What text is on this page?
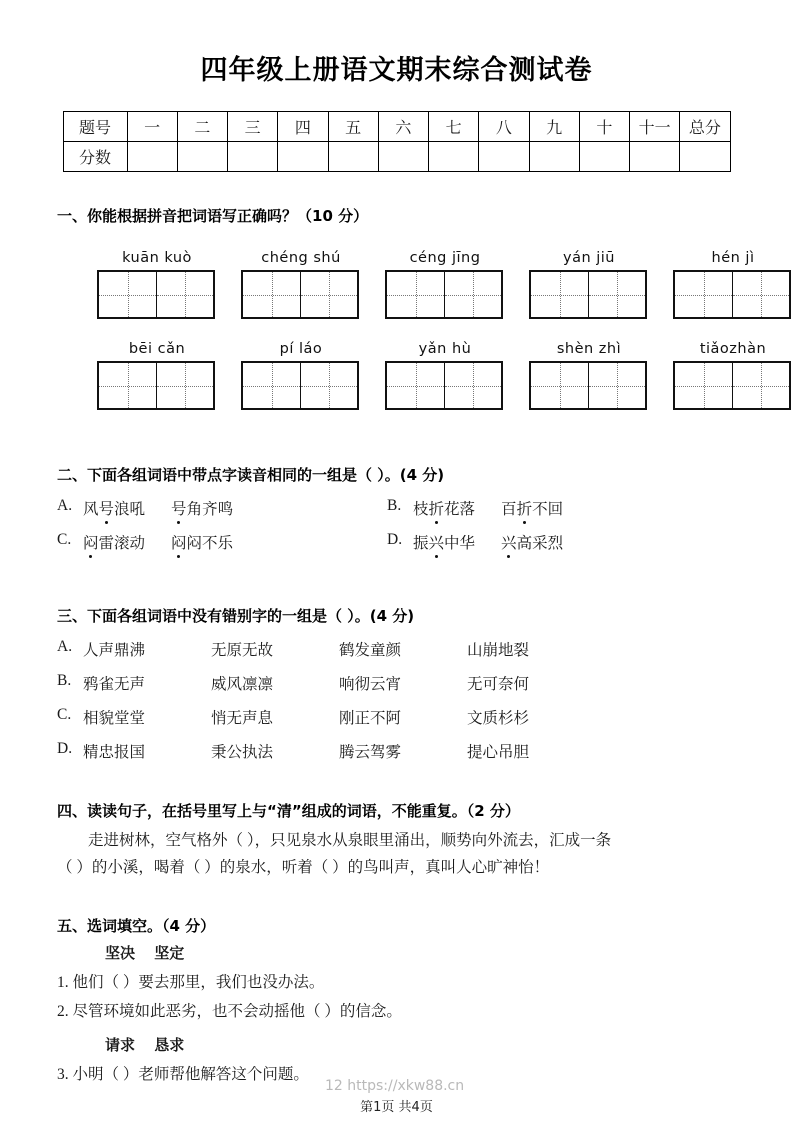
四年级上册语文期末综合测试卷
题号	一	二	三	四	五	六	七	八	九	十	十一	总分
分数												
一、你能根据拼音把词语写正确吗？（10 分）
kuān kuò	chéng shú	céng jīng	yán jiū	hén jì
bēi cǎn	pí láo	yǎn hù	shèn zhì	tiǎozhàn
二、下面各组词语中带点字读音相同的一组是（ ）。(4 分)
A. 风号浪吼 号角齐鸣	B. 枝折花落 百折不回
C. 闷雷滚动 闷闷不乐	D. 振兴中华 兴高采烈
三、下面各组词语中没有错别字的一组是（ ）。(4 分)
A. 人声鼎沸	无原无故	鹤发童颜	山崩地裂
B. 鸦雀无声	威风凛凛	响彻云宵	无可奈何
C. 相貌堂堂	悄无声息	刚正不阿	文质杉杉
D. 精忠报国	秉公执法	腾云驾雾	提心吊胆
四、读读句子，在括号里写上与“清”组成的词语，不能重复。（2 分）
走进树林，空气格外（ ），只见泉水从泉眼里涌出，顺势向外流去，汇成一条
（ ）的小溪，喝着（ ）的泉水，听着（ ）的鸟叫声，真叫人心旷神怡！
五、选词填空。（4 分）
坚决 坚定
1. 他们（ ）要去那里，我们也没办法。
2. 尽管环境如此恶劣，也不会动摇他（ ）的信念。
请求 恳求
3. 小明（ ）老师帮他解答这个问题。
12 https://xkw88.cn
第1页 共4页
